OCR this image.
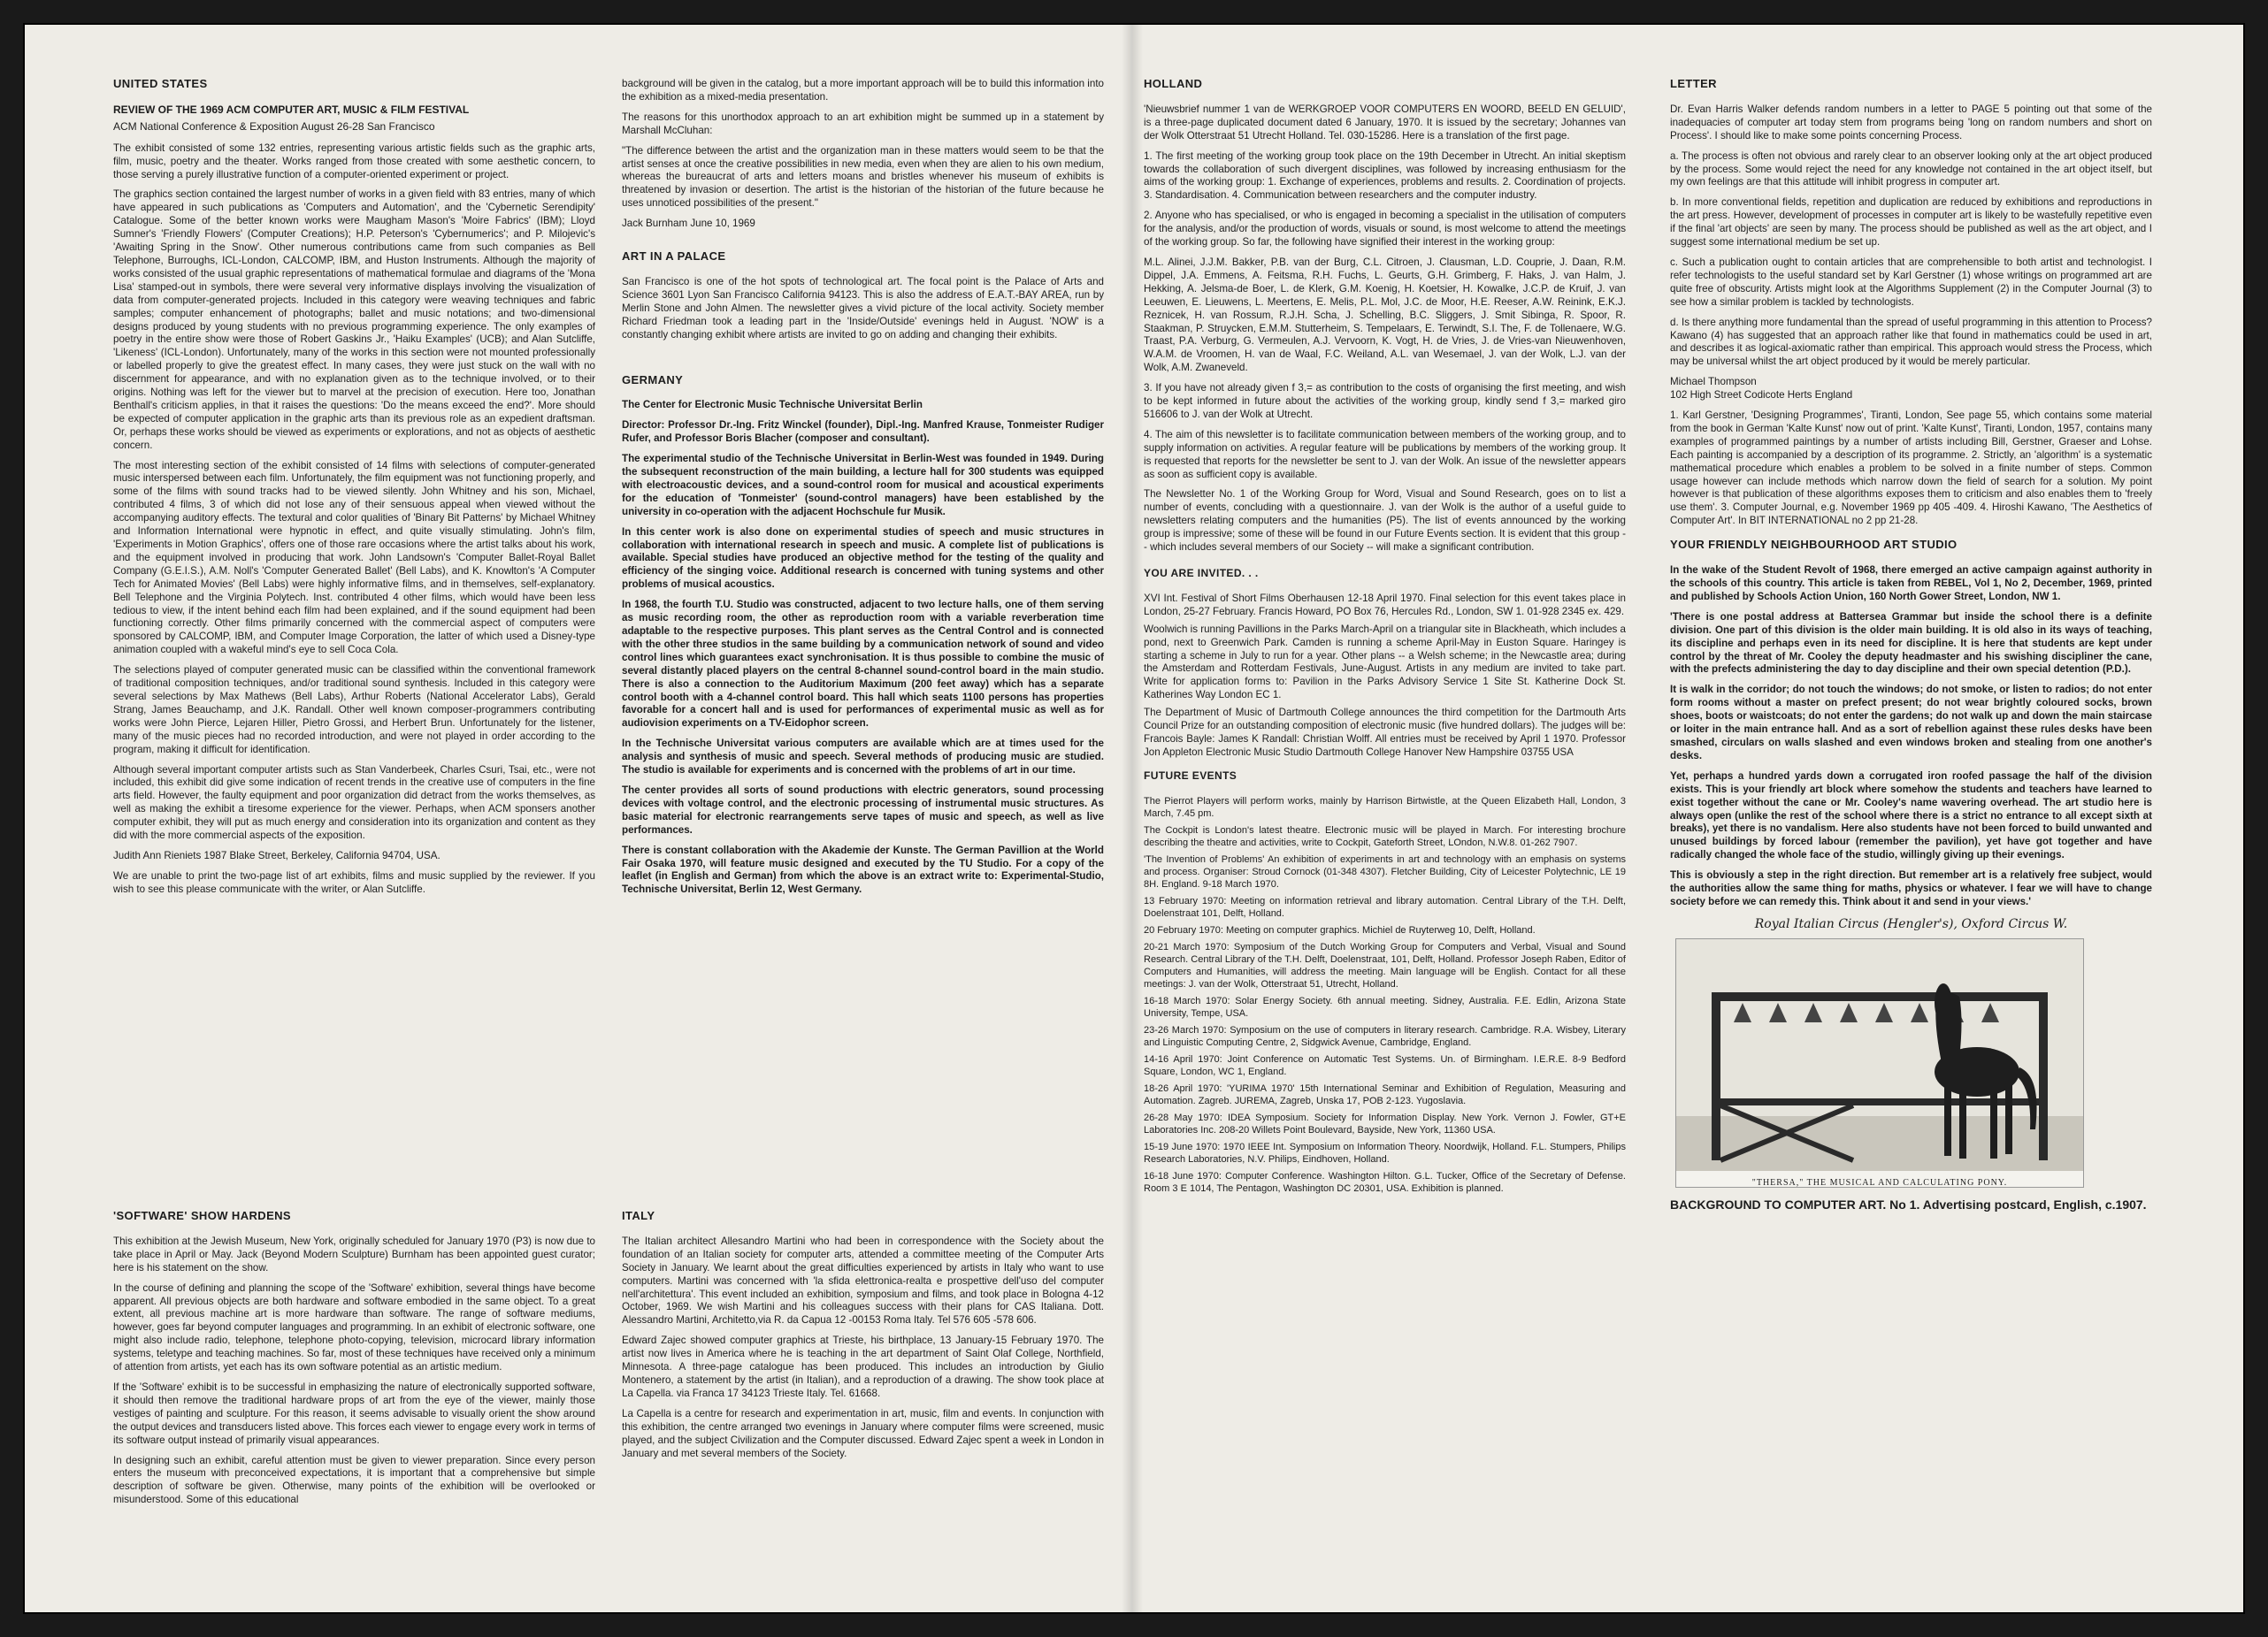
UNITED STATES
REVIEW OF THE 1969 ACM COMPUTER ART, MUSIC & FILM FESTIVAL
ACM National Conference & Exposition August 26-28 San Francisco

The exhibit consisted of some 132 entries, representing various artistic fields such as the graphic arts, film, music, poetry and the theater. Works ranged from those created with some aesthetic concern, to those serving a purely illustrative function of a computer-oriented experiment or project.

The graphics section contained the largest number of works in a given field with 83 entries, many of which have appeared in such publications as 'Computers and Automation', and the 'Cybernetic Serendipity' Catalogue. Some of the better known works were Maugham Mason's 'Moire Fabrics' (IBM); Lloyd Sumner's 'Friendly Flowers' (Computer Creations); H.P. Peterson's 'Cybernumerics'; and P. Milojevic's 'Awaiting Spring in the Snow'. Other numerous contributions came from such companies as Bell Telephone, Burroughs, ICL-London, CALCOMP, IBM, and Huston Instruments. Although the majority of works consisted of the usual graphic representations of mathematical formulae and diagrams of the 'Mona Lisa' stamped-out in symbols, there were several very informative displays involving the visualization of data from computer-generated projects. Included in this category were weaving techniques and fabric samples; computer enhancement of photographs; ballet and music notations; and two-dimensional designs produced by young students with no previous programming experience. The only examples of poetry in the entire show were those of Robert Gaskins Jr., 'Haiku Examples' (UCB); and Alan Sutcliffe, 'Likeness' (ICL-London). Unfortunately, many of the works in this section were not mounted professionally or labelled properly to give the greatest effect. In many cases, they were just stuck on the wall with no discernment for appearance, and with no explanation given as to the technique involved, or to their origins. Nothing was left for the viewer but to marvel at the precision of execution. Here too, Jonathan Benthall's criticism applies, in that it raises the questions: 'Do the means exceed the end?'. More should be expected of computer application in the graphic arts than its previous role as an expedient draftsman. Or, perhaps these works should be viewed as experiments or explorations, and not as objects of aesthetic concern.

The most interesting section of the exhibit consisted of 14 films with selections of computer-generated music interspersed between each film. Unfortunately, the film equipment was not functioning properly, and some of the films with sound tracks had to be viewed silently. John Whitney and his son, Michael, contributed 4 films, 3 of which did not lose any of their sensuous appeal when viewed without the accompanying auditory effects. The textural and color qualities of 'Binary Bit Patterns' by Michael Whitney and Information International were hypnotic in effect, and quite visually stimulating. John's film, 'Experiments in Motion Graphics', offers one of those rare occasions where the artist talks about his work, and the equipment involved in producing that work. John Landsown's 'Computer Ballet-Royal Ballet Company (G.E.I.S.), A.M. Noll's 'Computer Generated Ballet' (Bell Labs), and K. Knowlton's 'A Computer Tech for Animated Movies' (Bell Labs) were highly informative films, and in themselves, self-explanatory. Bell Telephone and the Virginia Polytech. Inst. contributed 4 other films, which would have been less tedious to view, if the intent behind each film had been explained, and if the sound equipment had been functioning correctly. Other films primarily concerned with the commercial aspect of computers were sponsored by CALCOMP, IBM, and Computer Image Corporation, the latter of which used a Disney-type animation coupled with a wakeful mind's eye to sell Coca Cola.

The selections played of computer generated music can be classified within the conventional framework of traditional composition techniques, and/or traditional sound synthesis. Included in this category were several selections by Max Mathews (Bell Labs), Arthur Roberts (National Accelerator Labs), Gerald Strang, James Beauchamp, and J.K. Randall. Other well known composer-programmers contributing works were John Pierce, Lejaren Hiller, Pietro Grossi, and Herbert Brun. Unfortunately for the listener, many of the music pieces had no recorded introduction, and were not played in order according to the program, making it difficult for identification.

Although several important computer artists such as Stan Vanderbeek, Charles Csuri, Tsai, etc., were not included, this exhibit did give some indication of recent trends in the creative use of computers in the fine arts field. However, the faulty equipment and poor organization did detract from the works themselves, as well as making the exhibit a tiresome experience for the viewer. Perhaps, when ACM sponsers another computer exhibit, they will put as much energy and consideration into its organization and content as they did with the more commercial aspects of the exposition.

Judith Ann Rieniets 1987 Blake Street, Berkeley, California 94704, USA.

We are unable to print the two-page list of art exhibits, films and music supplied by the reviewer. If you wish to see this please communicate with the writer, or Alan Sutcliffe.

'SOFTWARE' SHOW HARDENS

This exhibition at the Jewish Museum, New York, originally scheduled for January 1970 (P3) is now due to take place in April or May. Jack (Beyond Modern Sculpture) Burnham has been appointed guest curator; here is his statement on the show.

In the course of defining and planning the scope of the 'Software' exhibition, several things have become apparent. All previous objects are both hardware and software embodied in the same object. To a great extent, all previous machine art is more hardware than software. The range of software mediums, however, goes far beyond computer languages and programming. In an exhibit of electronic software, one might also include radio, telephone, telephone photo-copying, television, microcard library information systems, teletype and teaching machines. So far, most of these techniques have received only a minimum of attention from artists, yet each has its own software potential as an artistic medium.

If the 'Software' exhibit is to be successful in emphasizing the nature of electronically supported software, it should then remove the traditional hardware props of art from the eye of the viewer, mainly those vestiges of painting and sculpture. For this reason, it seems advisable to visually orient the show around the output devices and transducers listed above. This forces each viewer to engage every work in terms of its software output instead of primarily visual appearances.

In designing such an exhibit, careful attention must be given to viewer preparation. Since every person enters the museum with preconceived expectations, it is important that a comprehensive but simple description of software be given. Otherwise, many points of the exhibition will be overlooked or misunderstood. Some of this educational

background will be given in the catalog, but a more important approach will be to build this information into the exhibition as a mixed-media presentation.

The reasons for this unorthodox approach to an art exhibition might be summed up in a statement by Marshall McCluhan:

"The difference between the artist and the organization man in these matters would seem to be that the artist senses at once the creative possibilities in new media, even when they are alien to his own medium, whereas the bureaucrat of arts and letters moans and bristles whenever his museum of exhibits is threatened by invasion or desertion. The artist is the historian of the historian of the future because he uses unnoticed possibilities of the present."

Jack Burnham June 10, 1969

ART IN A PALACE

San Francisco is one of the hot spots of technological art. The focal point is the Palace of Arts and Science 3601 Lyon San Francisco California 94123. This is also the address of E.A.T.-BAY AREA, run by Merlin Stone and John Almen. The newsletter gives a vivid picture of the local activity. Society member Richard Friedman took a leading part in the 'Inside/Outside' evenings held in August. 'NOW' is a constantly changing exhibit where artists are invited to go on adding and changing their exhibits.

GERMANY

The Center for Electronic Music Technische Universitat Berlin

Director: Professor Dr.-Ing. Fritz Winckel (founder), Dipl.-Ing. Manfred Krause, Tonmeister Rudiger Rufer, and Professor Boris Blacher (composer and consultant).

The experimental studio of the Technische Universitat in Berlin-West was founded in 1949. During the subsequent reconstruction of the main building, a lecture hall for 300 students was equipped with electroacoustic devices, and a sound-control room for musical and acoustical experiments for the education of 'Tonmeister' (sound-control managers) have been established by the university in co-operation with the adjacent Hochschule fur Musik.

In this center work is also done on experimental studies of speech and music structures in collaboration with international research in speech and music. A complete list of publications is available. Special studies have produced an objective method for the testing of the quality and efficiency of the singing voice. Additional research is concerned with tuning systems and other problems of musical acoustics.

In 1968, the fourth T.U. Studio was constructed, adjacent to two lecture halls, one of them serving as music recording room, the other as reproduction room with a variable reverberation time adaptable to the respective purposes. This plant serves as the Central Control and is connected with the other three studios in the same building by a communication network of sound and video control lines which guarantees exact synchronisation. It is thus possible to combine the music of several distantly placed players on the central 8-channel sound-control board in the main studio. There is also a connection to the Auditorium Maximum (200 feet away) which has a separate control booth with a 4-channel control board. This hall which seats 1100 persons has properties favorable for a concert hall and is used for performances of experimental music as well as for audiovision experiments on a TV-Eidophor screen.

In the Technische Universitat various computers are available which are at times used for the analysis and synthesis of music and speech. Several methods of producing music are studied. The studio is available for experiments and is concerned with the problems of art in our time.

The center provides all sorts of sound productions with electric generators, sound processing devices with voltage control, and the electronic processing of instrumental music structures. As basic material for electronic rearrangements serve tapes of music and speech, as well as live performances.

There is constant collaboration with the Akademie der Kunste. The German Pavillion at the World Fair Osaka 1970, will feature music designed and executed by the TU Studio. For a copy of the leaflet (in English and German) from which the above is an extract write to: Experimental-Studio, Technische Universitat, Berlin 12, West Germany.

ITALY

The Italian architect Allesandro Martini who had been in correspondence with the Society about the foundation of an Italian society for computer arts, attended a committee meeting of the Computer Arts Society in January. We learnt about the great difficulties experienced by artists in Italy who want to use computers. Martini was concerned with 'la sfida elettronica-realta e prospettive dell'uso del computer nell'architettura'. This event included an exhibition, symposium and films, and took place in Bologna 4-12 October, 1969. We wish Martini and his colleagues success with their plans for CAS Italiana. Dott. Alessandro Martini, Architetto,via R. da Capua 12 -00153 Roma Italy. Tel 576 605 -578 606.

Edward Zajec showed computer graphics at Trieste, his birthplace, 13 January-15 February 1970. The artist now lives in America where he is teaching in the art department of Saint Olaf College, Northfield, Minnesota. A three-page catalogue has been produced. This includes an introduction by Giulio Montenero, a statement by the artist (in Italian), and a reproduction of a drawing. The show took place at La Capella. via Franca 17 34123 Trieste Italy. Tel. 61668.

La Capella is a centre for research and experimentation in art, music, film and events. In conjunction with this exhibition, the centre arranged two evenings in January where computer films were screened, music played, and the subject Civilization and the Computer discussed. Edward Zajec spent a week in London in January and met several members of the Society.

HOLLAND

'Nieuwsbrief nummer 1 van de WERKGROEP VOOR COMPUTERS EN WOORD, BEELD EN GELUID', is a three-page duplicated document dated 6 January, 1970. It is issued by the secretary; Johannes van der Wolk Otterstraat 51 Utrecht Holland. Tel. 030-15286. Here is a translation of the first page.

1. The first meeting of the working group took place on the 19th December in Utrecht. An initial skeptism towards the collaboration of such divergent disciplines, was followed by increasing enthusiasm for the aims of the working group: 1. Exchange of experiences, problems and results. 2. Coordination of projects. 3. Standardisation. 4. Communication between researchers and the computer industry.

2. Anyone who has specialised, or who is engaged in becoming a specialist in the utilisation of computers for the analysis, and/or the production of words, visuals or sound, is most welcome to attend the meetings of the working group. So far, the following have signified their interest in the working group:

M.L. Alinei, J.J.M. Bakker, P.B. van der Burg, C.L. Citroen, J. Clausman, L.D. Couprie, J. Daan, R.M. Dippel, J.A. Emmens, A. Feitsma, R.H. Fuchs, L. Geurts, G.H. Grimberg, F. Haks, J. van Halm, J. Hekking, A. Jelsma-de Boer, L. de Klerk, G.M. Koenig, H. Koetsier, H. Kowalke, J.C.P. de Kruif, J. van Leeuwen, E. Lieuwens, L. Meertens, E. Melis, P.L. Mol, J.C. de Moor, H.E. Reeser, A.W. Reinink, E.K.J. Reznicek, H. van Rossum, R.J.H. Scha, J. Schelling, B.C. Sliggers, J. Smit Sibinga, R. Spoor, R. Staakman, P. Struycken, E.M.M. Stutterheim, S. Tempelaars, E. Terwindt, S.I. The, F. de Tollenaere, W.G. Traast, P.A. Verburg, G. Vermeulen, A.J. Vervoorn, K. Vogt, H. de Vries, J. de Vries-van Nieuwenhoven, W.A.M. de Vroomen, H. van de Waal, F.C. Weiland, A.L. van Wesemael, J. van der Wolk, L.J. van der Wolk, A.M. Zwaneveld.

3. If you have not already given f 3,= as contribution to the costs of organising the first meeting, and wish to be kept informed in future about the activities of the working group, kindly send f 3,= marked giro 516606 to J. van der Wolk at Utrecht.

4. The aim of this newsletter is to facilitate communication between members of the working group, and to supply information on activities. A regular feature will be publications by members of the working group. It is requested that reports for the newsletter be sent to J. van der Wolk. An issue of the newsletter appears as soon as sufficient copy is available.

The Newsletter No. 1 of the Working Group for Word, Visual and Sound Research, goes on to list a number of events, concluding with a questionnaire. J. van der Wolk is the author of a useful guide to newsletters relating computers and the humanities (P5). The list of events announced by the working group is impressive; some of these will be found in our Future Events section. It is evident that this group -- which includes several members of our Society -- will make a significant contribution.

YOU ARE INVITED. . .

XVI Int. Festival of Short Films Oberhausen 12-18 April 1970. Final selection for this event takes place in London, 25-27 February. Francis Howard, PO Box 76, Hercules Rd., London, SW 1. 01-928 2345 ex. 429.

Woolwich is running Pavillions in the Parks March-April on a triangular site in Blackheath, which includes a pond, next to Greenwich Park. Camden is running a scheme April-May in Euston Square. Haringey is starting a scheme in July to run for a year. Other plans -- a Welsh scheme; in the Newcastle area; during the Amsterdam and Rotterdam Festivals, June-August. Artists in any medium are invited to take part. Write for application forms to: Pavilion in the Parks Advisory Service 1 Site St. Katherine Dock St. Katherines Way London EC 1.

The Department of Music of Dartmouth College announces the third competition for the Dartmouth Arts Council Prize for an outstanding composition of electronic music (five hundred dollars). The judges will be: Francois Bayle: James K Randall: Christian Wolff. All entries must be received by April 1 1970. Professor Jon Appleton Electronic Music Studio Dartmouth College Hanover New Hampshire 03755 USA

FUTURE EVENTS

The Pierrot Players will perform works, mainly by Harrison Birtwistle, at the Queen Elizabeth Hall, London, 3 March, 7.45 pm.

The Cockpit is London's latest theatre. Electronic music will be played in March. For interesting brochure describing the theatre and activities, write to Cockpit, Gateforth Street, LOndon, N.W.8. 01-262 7907.

'The Invention of Problems' An exhibition of experiments in art and technology with an emphasis on systems and process. Organiser: Stroud Cornock (01-348 4307). Fletcher Building, City of Leicester Polytechnic, LE 19 8H. England. 9-18 March 1970.

13 February 1970: Meeting on information retrieval and library automation. Central Library of the T.H. Delft, Doelenstraat 101, Delft, Holland.

20 February 1970: Meeting on computer graphics. Michiel de Ruyterweg 10, Delft, Holland.

20-21 March 1970: Symposium of the Dutch Working Group for Computers and Verbal, Visual and Sound Research. Central Library of the T.H. Delft, Doelenstraat, 101, Delft, Holland. Professor Joseph Raben, Editor of Computers and Humanities, will address the meeting. Main language will be English. Contact for all these meetings: J. van der Wolk, Otterstraat 51, Utrecht, Holland.

16-18 March 1970: Solar Energy Society. 6th annual meeting. Sidney, Australia. F.E. Edlin, Arizona State University, Tempe, USA.

23-26 March 1970: Symposium on the use of computers in literary research. Cambridge. R.A. Wisbey, Literary and Linguistic Computing Centre, 2, Sidgwick Avenue, Cambridge, England.

14-16 April 1970: Joint Conference on Automatic Test Systems. Un. of Birmingham. I.E.R.E. 8-9 Bedford Square, London, WC 1, England.

18-26 April 1970: 'YURIMA 1970' 15th International Seminar and Exhibition of Regulation, Measuring and Automation. Zagreb. JUREMA, Zagreb, Unska 17, POB 2-123. Yugoslavia.

26-28 May 1970: IDEA Symposium. Society for Information Display. New York. Vernon J. Fowler, GT+E Laboratories Inc. 208-20 Willets Point Boulevard, Bayside, New York, 11360 USA.

15-19 June 1970: 1970 IEEE Int. Symposium on Information Theory. Noordwijk, Holland. F.L. Stumpers, Philips Research Laboratories, N.V. Philips, Eindhoven, Holland.

16-18 June 1970: Computer Conference. Washington Hilton. G.L. Tucker, Office of the Secretary of Defense. Room 3 E 1014, The Pentagon, Washington DC 20301, USA. Exhibition is planned.

LETTER

Dr. Evan Harris Walker defends random numbers in a letter to PAGE 5 pointing out that some of the inadequacies of computer art today stem from programs being 'long on random numbers and short on Process'. I should like to make some points concerning Process.

a. The process is often not obvious and rarely clear to an observer looking only at the art object produced by the process. Some would reject the need for any knowledge not contained in the art object itself, but my own feelings are that this attitude will inhibit progress in computer art.

b. In more conventional fields, repetition and duplication are reduced by exhibitions and reproductions in the art press. However, development of processes in computer art is likely to be wastefully repetitive even if the final 'art objects' are seen by many. The process should be published as well as the art object, and I suggest some international medium be set up.

c. Such a publication ought to contain articles that are comprehensible to both artist and technologist. I refer technologists to the useful standard set by Karl Gerstner (1) whose writings on programmed art are quite free of obscurity. Artists might look at the Algorithms Supplement (2) in the Computer Journal (3) to see how a similar problem is tackled by technologists.

d. Is there anything more fundamental than the spread of useful programming in this attention to Process? Kawano (4) has suggested that an approach rather like that found in mathematics could be used in art, and describes it as logical-axiomatic rather than empirical. This approach would stress the Process, which may be universal whilst the art object produced by it would be merely particular.

Michael Thompson

102 High Street Codicote Herts England

1. Karl Gerstner, 'Designing Programmes', Tiranti, London, See page 55, which contains some material from the book in German 'Kalte Kunst' now out of print. 'Kalte Kunst', Tiranti, London, 1957, contains many examples of programmed paintings by a number of artists including Bill, Gerstner, Graeser and Lohse. Each painting is accompanied by a description of its programme. 2. Strictly, an 'algorithm' is a systematic mathematical procedure which enables a problem to be solved in a finite number of steps. Common usage however can include methods which narrow down the field of search for a solution. My point however is that publication of these algorithms exposes them to criticism and also enables them to 'freely use them'. 3. Computer Journal, e.g. November 1969 pp 405 -409. 4. Hiroshi Kawano, 'The Aesthetics of Computer Art'. In BIT INTERNATIONAL no 2 pp 21-28.

YOUR FRIENDLY NEIGHBOURHOOD ART STUDIO

In the wake of the Student Revolt of 1968, there emerged an active campaign against authority in the schools of this country. This article is taken from REBEL, Vol 1, No 2, December, 1969, printed and published by Schools Action Union, 160 North Gower Street, London, NW 1.

'There is one postal address at Battersea Grammar but inside the school there is a definite division. One part of this division is the older main building. It is old also in its ways of teaching, its discipline and perhaps even in its need for discipline. It is here that students are kept under control by the threat of Mr. Cooley the deputy headmaster and his swishing discipliner the cane, with the prefects administering the day to day discipline and their own special detention (P.D.).

It is walk in the corridor; do not touch the windows; do not smoke, or listen to radios; do not enter form rooms without a master on prefect present; do not wear brightly coloured socks, brown shoes, boots or waistcoats; do not enter the gardens; do not walk up and down the main staircase or loiter in the main entrance hall. And as a sort of rebellion against these rules desks have been smashed, circulars on walls slashed and even windows broken and stealing from one another's desks.

Yet, perhaps a hundred yards down a corrugated iron roofed passage the half of the division exists. This is your friendly art block where somehow the students and teachers have learned to exist together without the cane or Mr. Cooley's name wavering overhead. The art studio here is always open (unlike the rest of the school where there is a strict no entrance to all except sixth at breaks), yet there is no vandalism. Here also students have not been forced to build unwanted and unused buildings by forced labour (remember the pavilion), yet have got together and have radically changed the whole face of the studio, willingly giving up their evenings.

This is obviously a step in the right direction. But remember art is a relatively free subject, would the authorities allow the same thing for maths, physics or whatever. I fear we will have to change society before we can remedy this. Think about it and send in your views.'

Royal Italian Circus (Hengler's), Oxford Circus W.
"THERSA," THE MUSICAL AND CALCULATING PONY.
BACKGROUND TO COMPUTER ART. No 1. Advertising postcard, English, c.1907.
